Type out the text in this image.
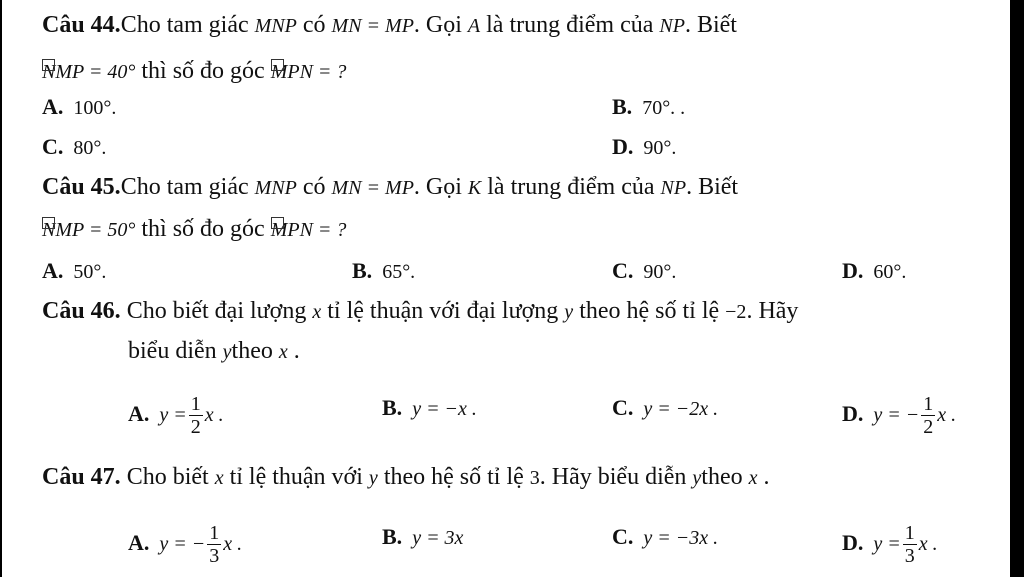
Câu 44.Cho tam giác MNP có MN = MP. Gọi A là trung điểm của NP. Biết
NMP = 40° thì số đo góc MPN = ?
A. 100°.	B. 70°. .
C. 80°.	D. 90°.
Câu 45.Cho tam giác MNP có MN = MP. Gọi K là trung điểm của NP. Biết
NMP = 50° thì số đo góc MPN = ?
A. 50°.	B. 65°.	C. 90°.	D. 60°.
Câu 46. Cho biết đại lượng x tỉ lệ thuận với đại lượng y theo hệ số tỉ lệ −2. Hãy
biểu diễn ytheo x .
A. $y = \frac{1}{2}$ x .	B. y = −x .	C. y = −2x .	D. y = − $\frac{1}{2}$ x .
Câu 47. Cho biết x tỉ lệ thuận với y theo hệ số tỉ lệ 3. Hãy biểu diễn ytheo x .
A. y = − $\frac{1}{3}$ x .	B. y = 3x	C. y = −3x .	D. $y = \frac{1}{3}$ x .
